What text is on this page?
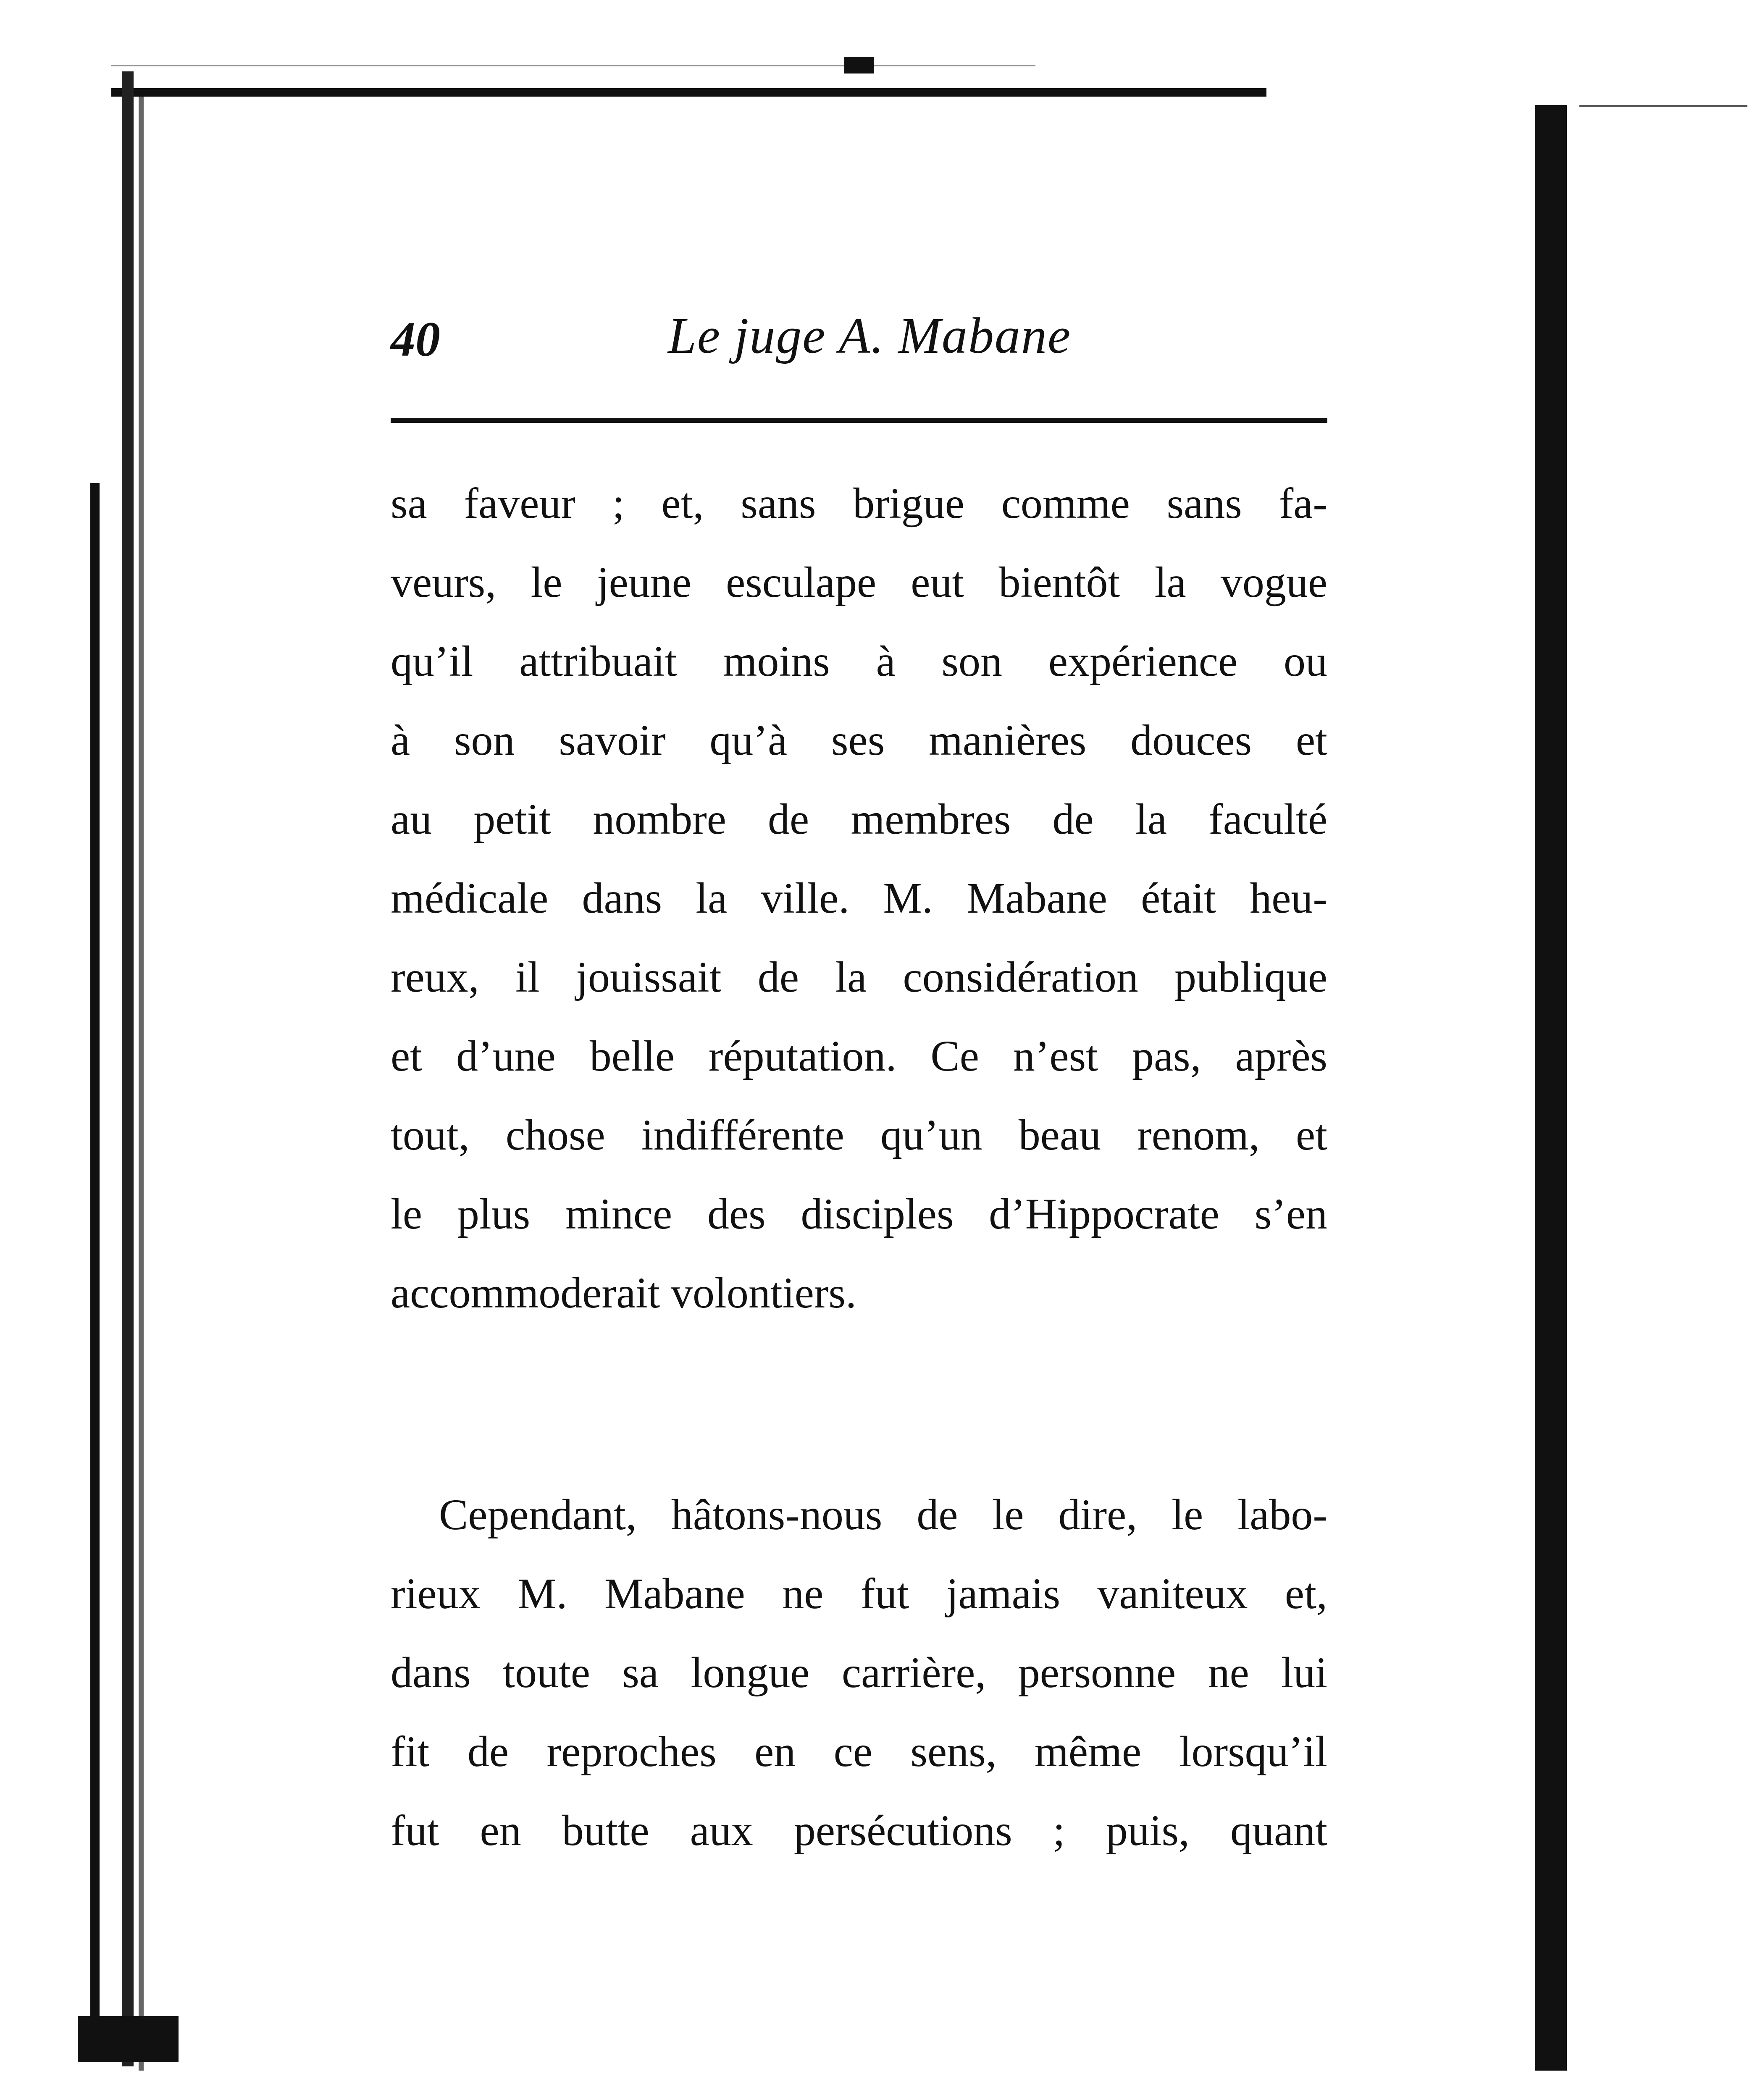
40	Le juge A. Mabane
sa faveur ; et, sans brigue comme sans fa-
veurs, le jeune esculape eut bientôt la vogue
qu’il attribuait moins à son expérience ou
à son savoir qu’à ses manières douces et
au petit nombre de membres de la faculté
médicale dans la ville. M. Mabane était heu-
reux, il jouissait de la considération publique
et d’une belle réputation. Ce n’est pas, après
tout, chose indifférente qu’un beau renom, et
le plus mince des disciples d’Hippocrate s’en
accommoderait volontiers.
Cependant, hâtons-nous de le dire, le labo-
rieux M. Mabane ne fut jamais vaniteux et,
dans toute sa longue carrière, personne ne lui
fit de reproches en ce sens, même lorsqu’il
fut en butte aux persécutions ; puis, quant
